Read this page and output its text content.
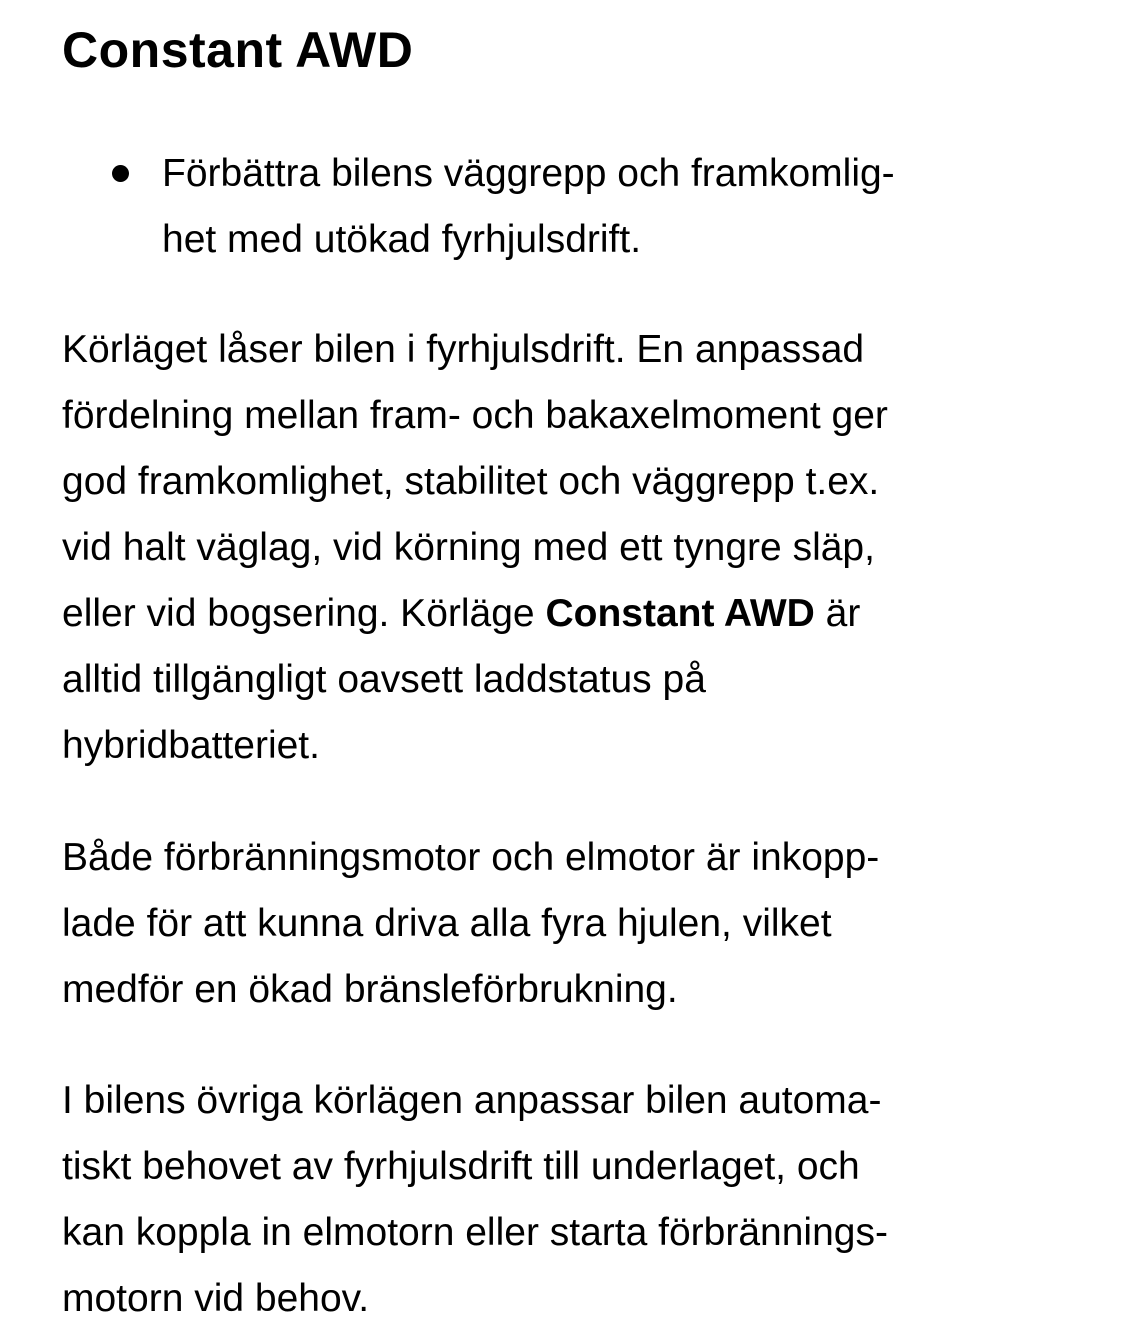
Constant AWD
Förbättra bilens väggrepp och framkomlig-
het med utökad fyrhjulsdrift.

Körläget låser bilen i fyrhjulsdrift. En anpassad
fördelning mellan fram- och bakaxelmoment ger
god framkomlighet, stabilitet och väggrepp t.ex.
vid halt väglag, vid körning med ett tyngre släp,
eller vid bogsering. Körläge Constant AWD är
alltid tillgängligt oavsett laddstatus på
hybridbatteriet.

Både förbränningsmotor och elmotor är inkopp-
lade för att kunna driva alla fyra hjulen, vilket
medför en ökad bränsleförbrukning.

I bilens övriga körlägen anpassar bilen automa-
tiskt behovet av fyrhjulsdrift till underlaget, och
kan koppla in elmotorn eller starta förbrännings-
motorn vid behov.
